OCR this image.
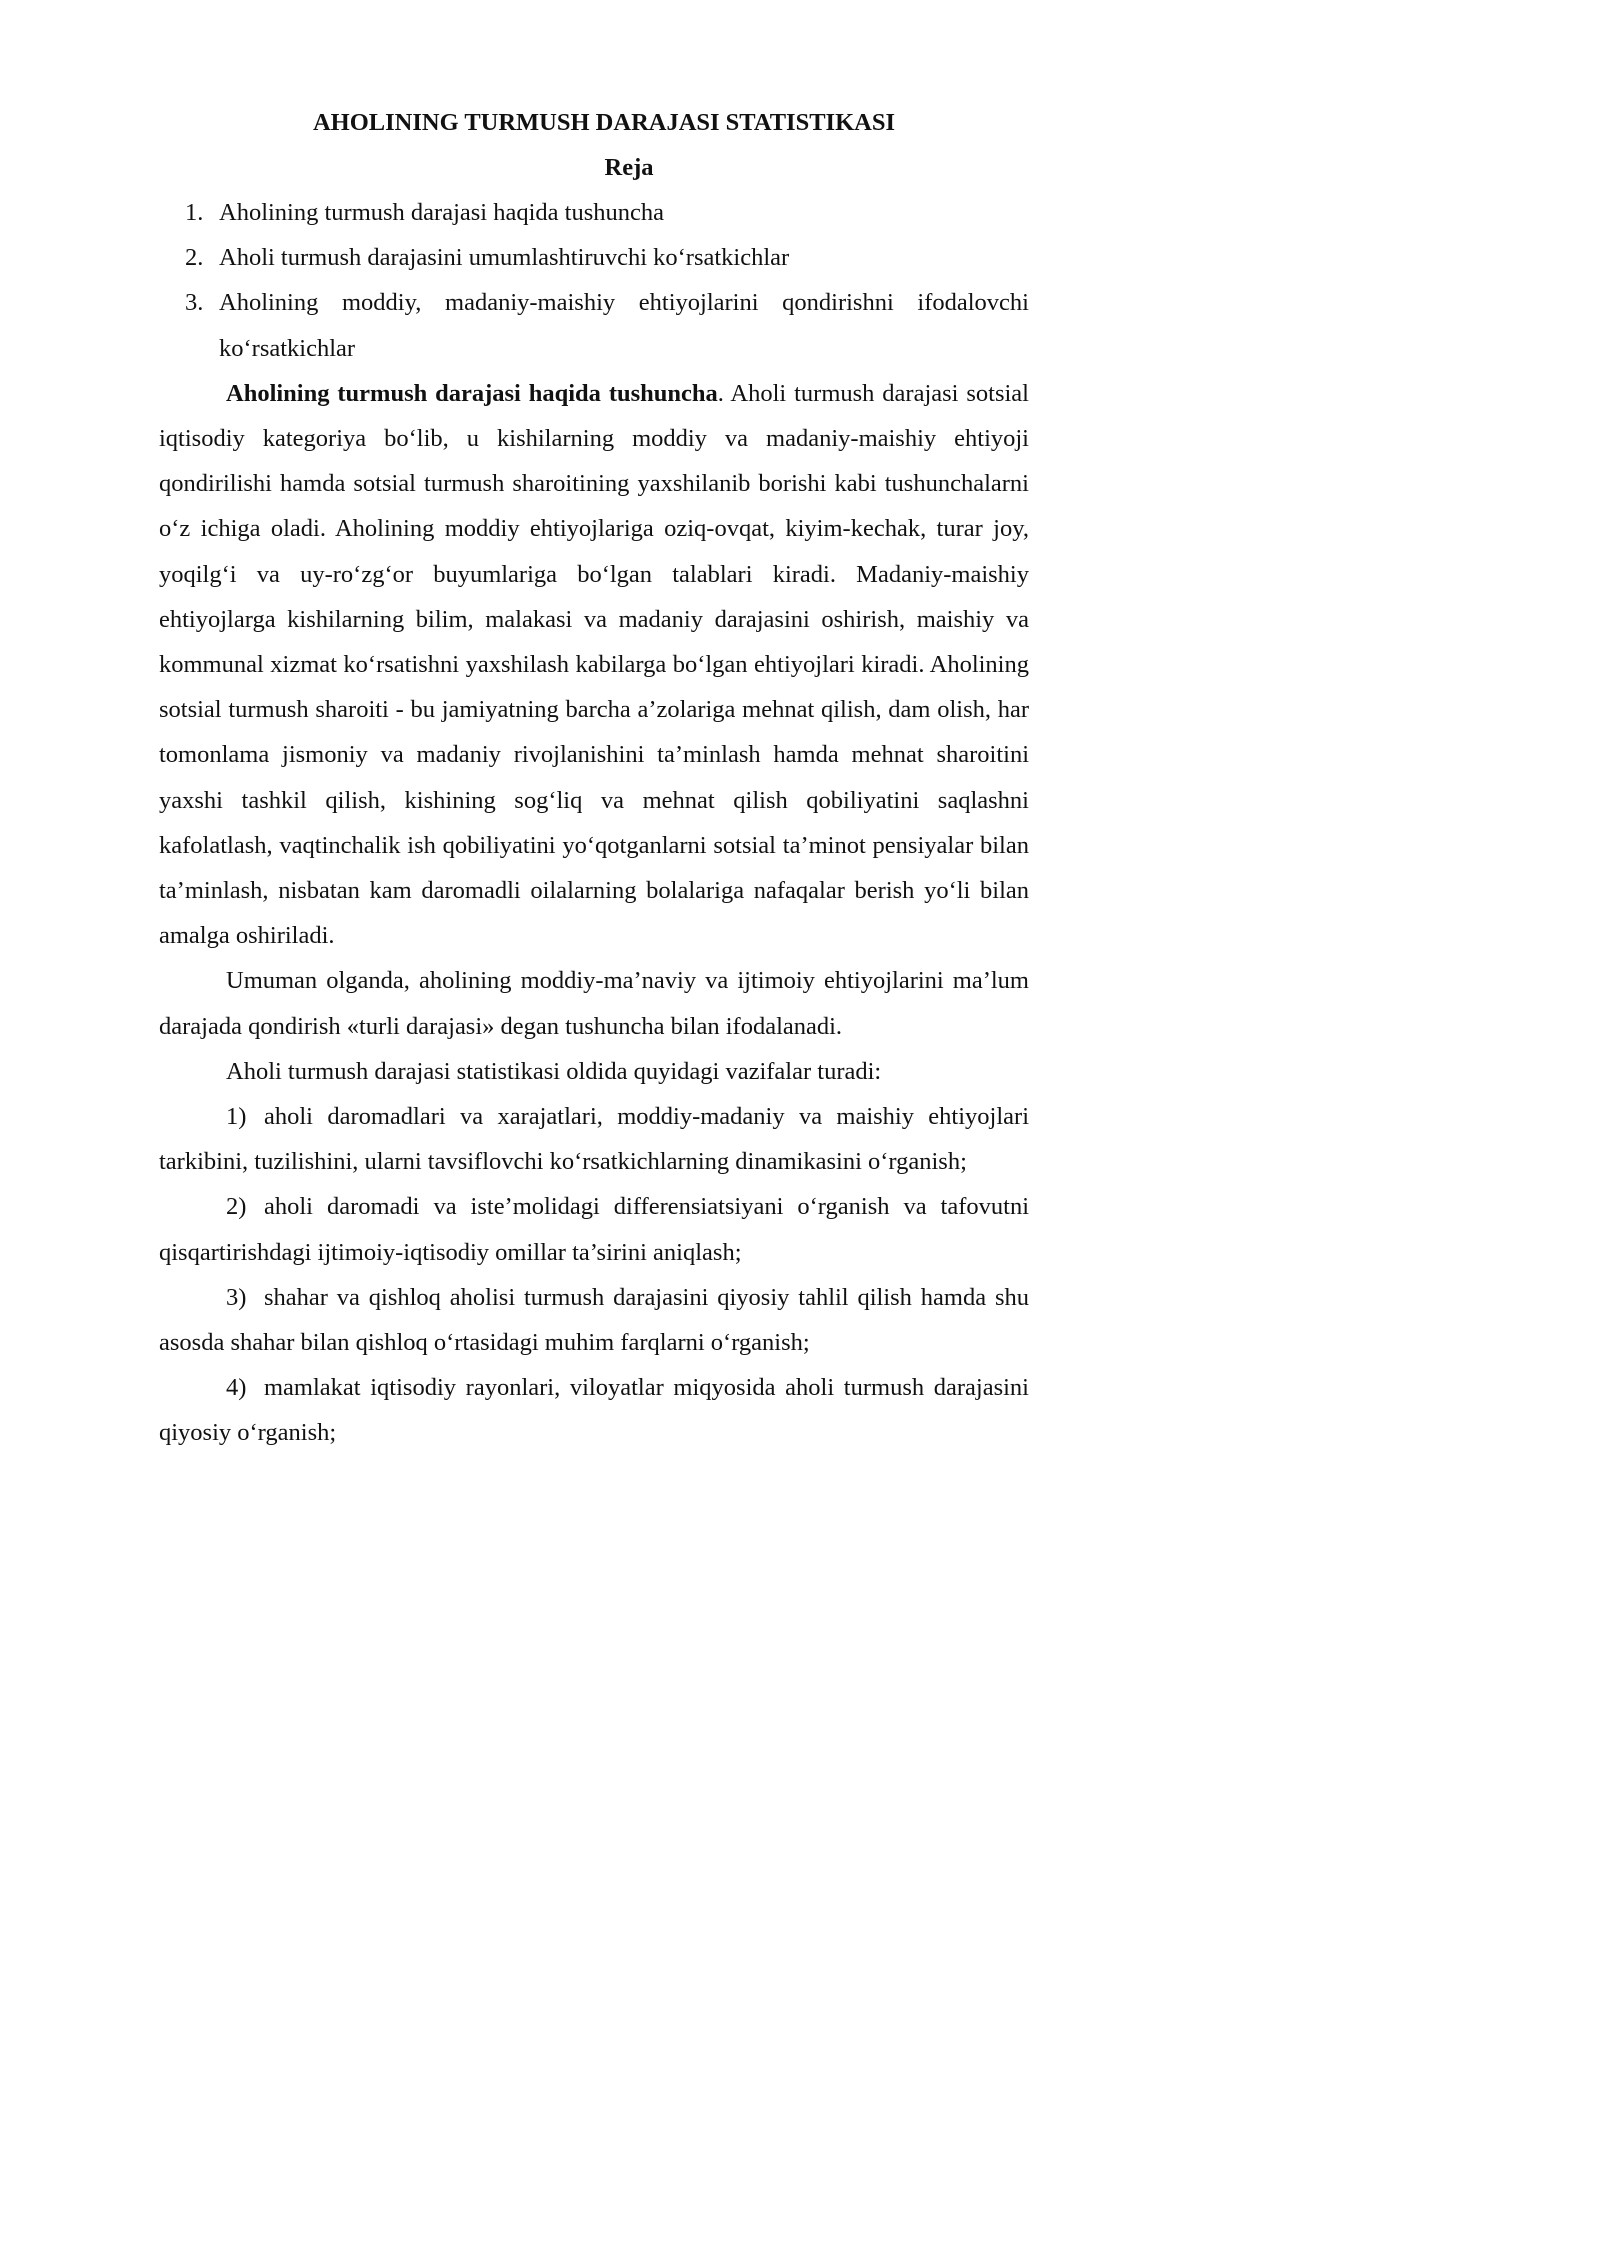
AHOLINING TURMUSH DARAJASI STATISTIKASI
Reja
1. Aholining turmush darajasi haqida tushuncha
2. Aholi turmush darajasini umumlashtiruvchi ko‘rsatkichlar
3. Aholining moddiy, madaniy-maishiy ehtiyojlarini qondirishni ifodalovchi ko‘rsatkichlar

Aholining turmush darajasi haqida tushuncha. Aholi turmush darajasi sotsial iqtisodiy kategoriya bo‘lib, u kishilarning moddiy va madaniy-maishiy ehtiyoji qondirilishi hamda sotsial turmush sharoitining yaxshilanib borishi kabi tushunchalarni o‘z ichiga oladi. Aholining moddiy ehtiyojlariga oziq-ovqat, kiyim-kechak, turar joy, yoqilg‘i va uy-ro‘zg‘or buyumlariga bo‘lgan talablari kiradi. Madaniy-maishiy ehtiyojlarga kishilarning bilim, malakasi va madaniy darajasini oshirish, maishiy va kommunal xizmat ko‘rsatishni yaxshilash kabilarga bo‘lgan ehtiyojlari kiradi. Aholining sotsial turmush sharoiti - bu jamiyatning barcha a’zolariga mehnat qilish, dam olish, har tomonlama jismoniy va madaniy rivojlanishini ta’minlash hamda mehnat sharoitini yaxshi tashkil qilish, kishining sog‘liq va mehnat qilish qobiliyatini saqlashni kafolatlash, vaqtinchalik ish qobiliyatini yo‘qotganlarni sotsial ta’minot pensiyalar bilan ta’minlash, nisbatan kam daromadli oilalarning bolalariga nafaqalar berish yo‘li bilan amalga oshiriladi.

Umuman olganda, aholining moddiy-ma’naviy va ijtimoiy ehtiyojlarini ma’lum darajada qondirish «turli darajasi» degan tushuncha bilan ifodalanadi.

Aholi turmush darajasi statistikasi oldida quyidagi vazifalar turadi:

1) aholi daromadlari va xarajatlari, moddiy-madaniy va maishiy ehtiyojlari tarkibini, tuzilishini, ularni tavsiflovchi ko‘rsatkichlarning dinamikasini o‘rganish;

2) aholi daromadi va iste’molidagi differensiatsiyani o‘rganish va tafovutni qisqartirishdagi ijtimoiy-iqtisodiy omillar ta’sirini aniqlash;

3) shahar va qishloq aholisi turmush darajasini qiyosiy tahlil qilish hamda shu asosda shahar bilan qishloq o‘rtasidagi muhim farqlarni o‘rganish;

4) mamlakat iqtisodiy rayonlari, viloyatlar miqyosida aholi turmush darajasini qiyosiy o‘rganish;
